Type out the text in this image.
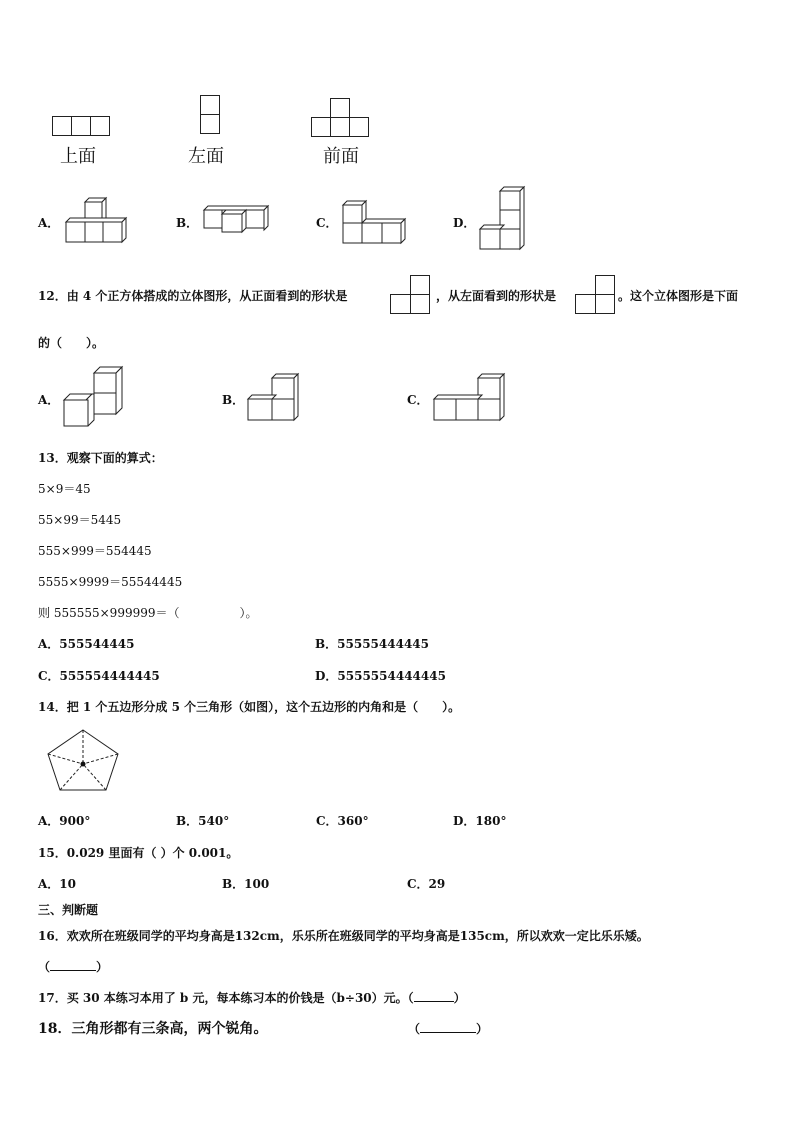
上面	左面	前面
A．	B．	C．	D．
12．由 4 个正方体搭成的立体图形，从正面看到的形状是	，从左面看到的形状是	。这个立体图形是下面
的（　　）。
A．	B．	C．
13．观察下面的算式：
5×9＝45
55×99＝5445
555×999＝554445
5555×9999＝55544445
则 555555×999999＝（　　　　　）。
A．555544445	B．55555444445
C．555554444445	D．5555554444445
14．把 1 个五边形分成 5 个三角形（如图），这个五边形的内角和是（　　）。
A．900°	B．540°	C．360°	D．180°
15．0.029 里面有（ ）个 0.001。
A．10	B．100	C．29
三、判断题
16．欢欢所在班级同学的平均身高是132cm，乐乐所在班级同学的平均身高是135cm，所以欢欢一定比乐乐矮。
（	）
17．买 30 本练习本用了 b 元，每本练习本的价钱是（b÷30）元。（	）
18．三角形都有三条高，两个锐角。	（	）
